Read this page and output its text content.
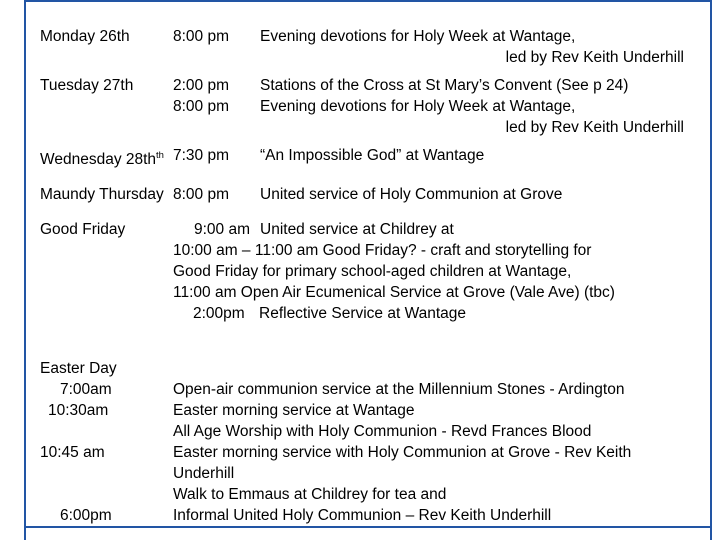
Monday 26th	8:00 pm	Evening devotions for Holy Week at Wantage,
led by Rev Keith Underhill
Tuesday 27th	2:00 pm	Stations of the Cross at St Mary’s Convent (See p 24)
8:00 pm	Evening devotions for Holy Week at Wantage,
led by Rev Keith Underhill
Wednesday $28th^{th}$ 7:30 pm	“An Impossible God” at Wantage
Maundy Thursday 8:00 pm	United service of Holy Communion at Grove
Good Friday	9:00 am United service at Childrey at
10:00 am – 11:00 am Good Friday? - craft and storytelling for
Good Friday for primary school-aged children at Wantage,
11:00 am Open Air Ecumenical Service at Grove (Vale Ave) (tbc)
2:00pm Reflective Service at Wantage
Easter Day
7:00am	Open-air communion service at the Millennium Stones - Ardington
10:30am	Easter morning service at Wantage
All Age Worship with Holy Communion - Revd Frances Blood
10:45 am	Easter morning service with Holy Communion at Grove - Rev Keith
Underhill
Walk to Emmaus at Childrey for tea and
6:00pm	Informal United Holy Communion – Rev Keith Underhill
